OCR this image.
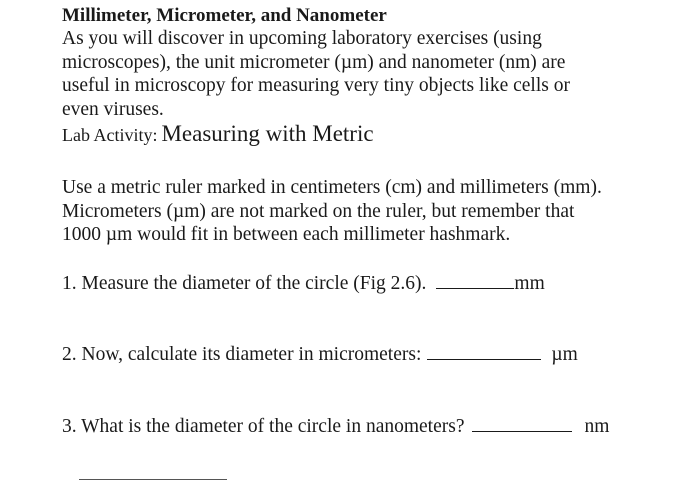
Millimeter, Micrometer, and Nanometer
As you will discover in upcoming laboratory exercises (using
microscopes), the unit micrometer (µm) and nanometer (nm) are
useful in microscopy for measuring very tiny objects like cells or
even viruses.
Lab Activity: Measuring with Metric
Use a metric ruler marked in centimeters (cm) and millimeters (mm).
Micrometers (µm) are not marked on the ruler, but remember that
1000 µm would fit in between each millimeter hashmark.
1. Measure the diameter of the circle (Fig 2.6).	mm
2. Now, calculate its diameter in micrometers:	µm
3. What is the diameter of the circle in nanometers?	nm
